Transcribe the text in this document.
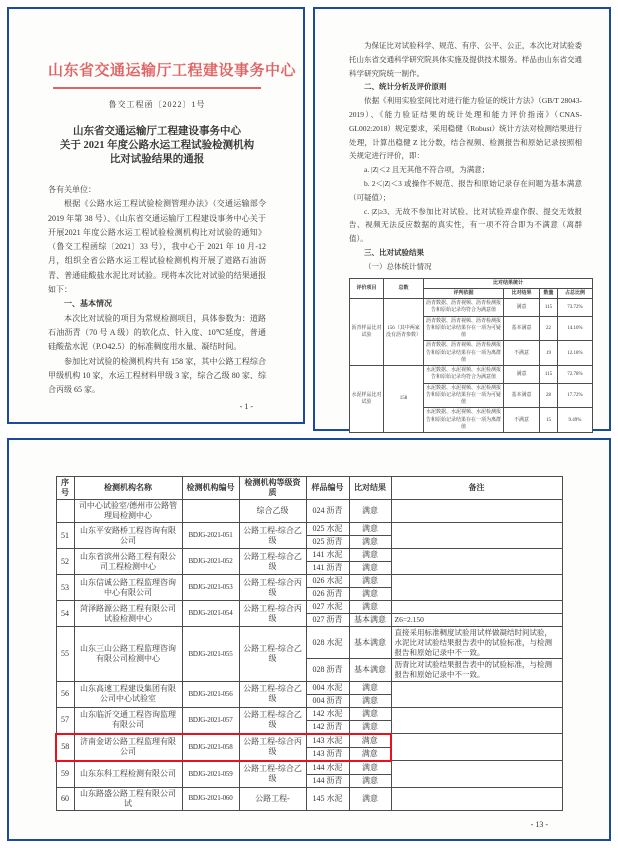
山东省交通运输厅工程建设事务中心
鲁交工程函〔2022〕1号
山东省交通运输厅工程建设事务中心
关于 2021 年度公路水运工程试验检测机构
比对试验结果的通报
各有关单位：

根据《公路水运工程试验检测管理办法》（交通运输部令 2019 年第 38 号）、《山东省交通运输厅工程建设事务中心关于开展2021 年度公路水运工程试验检测机构比对试验的通知》（鲁交工程函综〔2021〕33 号），我中心于 2021 年 10 月-12 月，组织全省公路水运工程试验检测机构开展了道路石油沥青、普通硅酸盐水泥比对试验。现将本次比对试验的结果通报如下：

一、基本情况

本次比对试验的项目为常规检测项目，具体参数为：道路石油沥青（70 号 A 级）的软化点、针入度、10℃延度，普通硅酸盐水泥（P.O42.5）的标准稠度用水量、凝结时间。

参加比对试验的检测机构共有 158 家，其中公路工程综合甲级机构 10 家，水运工程材料甲级 3 家，综合乙级 80 家、综合丙级 65 家。

- 1 -

为保证比对试验科学、规范、有序、公平、公正，本次比对试验委托山东省交通科学研究院具体实施及提供技术服务。样品由山东省交通科学研究院统一制作。

二、统计分析及评价原则

依据《利用实验室间比对进行能力验证的统计方法》（GB/T 28043-2019）、《能力验证结果的统计处理和能力评价指南》（CNAS-GL002:2018）规定要求，采用稳健（Robust）统计方法对检测结果进行处理，计算出稳健 Z 比分数，结合视频、检测报告和原始记录按照相关规定进行评价，即：

a. |Z|＜2 且无其他不符合项，为满意；

b. 2＜|Z|＜3 或操作不规范、报告和原始记录存在问题为基本满意（可疑值）；

c. |Z|≥3、无故不参加比对试验、比对试验弄虚作假、提交无效报告、视频无法反应数据的真实性，有一项不符合即为不满意（离群值）。

三、比对试验结果
（一）总体统计情况
评价项目	总数	比对结果统计			
		评判依据	比对结果	数量	占总比例
沥青样品比对试验	156（其中两家没有沥青参数）	沥青数据、沥青视频、沥青检测报告和原始记录均符合为满意值	满意	115	73.72%
		沥青数据、沥青视频、沥青检测报告和原始记录结果存在一项为可疑值	基本满意	22	14.10%
		沥青数据、沥青视频、沥青检测报告和原始记录结果存在一项为离群值	不满意	19	12.18%
水泥样品比对试验	158	水泥数据、水泥视频、水泥检测报告和原始记录均符合为满意值	满意	115	72.78%
		水泥数据、水泥视频、水泥检测报告和原始记录结果存在一项为可疑值	基本满意	28	17.72%
		水泥数据、水泥视频、水泥检测报告和原始记录结果存在一项为离群值	不满意	15	9.49%
序号	检测机构名称	检测机构编号	检测机构等级资质	样品编号	比对结果	备注
	司中心试验室/德州市公路管理局检测中心		综合乙级	024 沥青	满意	
51	山东平安路桥工程咨询有限公司	BDJG-2021-051	公路工程-综合乙级	025 水泥	满意	
				025 沥青	满意	
52	山东省滨州公路工程有限公司工程检测中心	BDJG-2021-052	公路工程-综合乙级	141 水泥	满意	
				141 沥青	满意	
53	山东信诚公路工程监理咨询中心有限公司	BDJG-2021-053	公路工程-综合丙级	026 水泥	满意	
				026 沥青	满意	
54	菏泽路源公路工程有限公司试验检测中心	BDJG-2021-054	公路工程-综合丙级	027 水泥	满意	
				027 沥青	基本满意	Z6=2.150
55	山东三山公路工程监理咨询有限公司检测中心	BDJG-2021-055	公路工程-综合乙级	028 水泥	基本满意	直接采用标准稠度试验用试样做凝结时间试验，水泥比对试验结果报告表中的试验标准，与检测报告和原始记录中不一致。
				028 沥青	基本满意	沥青比对试验结果报告表中的试验标准，与检测报告和原始记录中不一致。
56	山东高速工程建设集团有限公司中心试验室	BDJG-2021-056	公路工程-综合乙级	004 水泥	满意	
				004 沥青	满意	
57	山东临沂交通工程咨询监理有限公司	BDJG-2021-057	公路工程-综合乙级	142 水泥	满意	
				142 沥青	满意	
58	济南金诺公路工程监理有限公司	BDJG-2021-058	公路工程-综合丙级	143 水泥	满意	
				143 沥青	满意	
59	山东东科工程检测有限公司	BDJG-2021-059	公路工程-综合乙级	144 水泥	满意	
				144 沥青	满意	
60	山东路盛公路工程有限公司试	BDJG-2021-060	公路工程-	145 水泥	满意	
- 13 -
